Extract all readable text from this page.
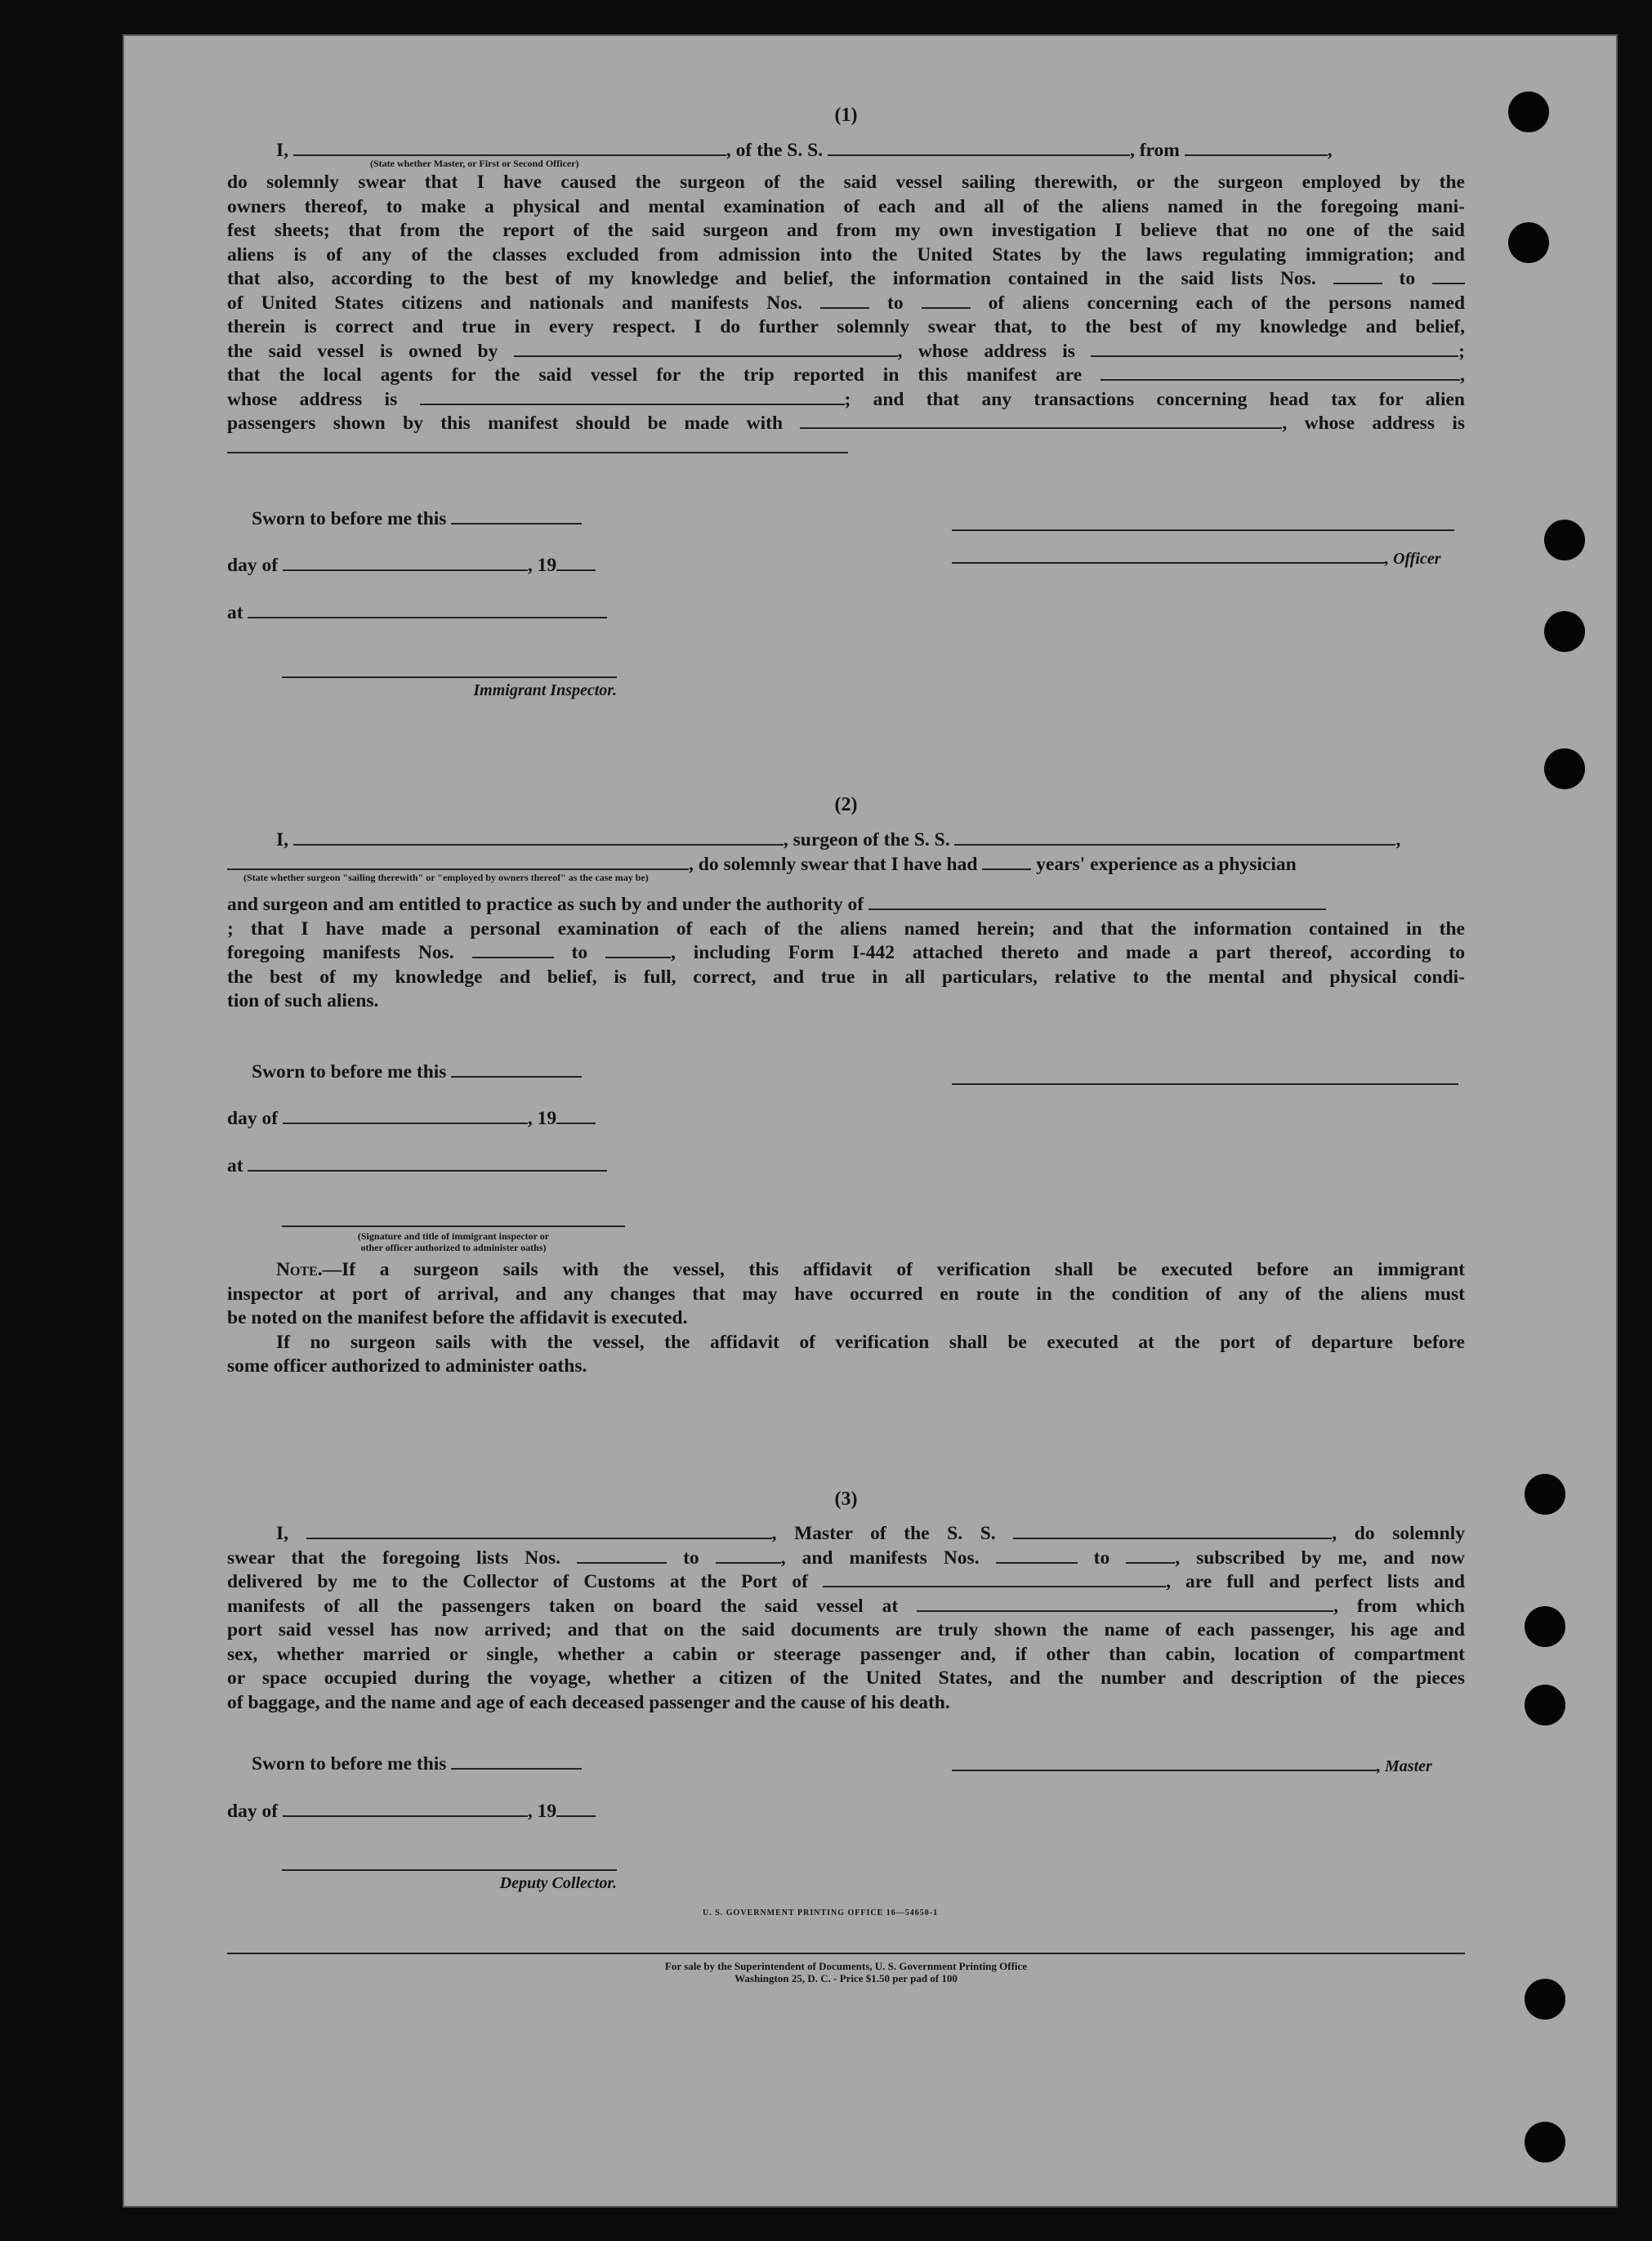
(1)
I,	, of the S. S.	, from	,
(State whether Master, or First or Second Officer)
do solemnly swear that I have caused the surgeon of the said vessel sailing therewith, or the surgeon employed by the
owners thereof, to make a physical and mental examination of each and all of the aliens named in the foregoing mani-
fest sheets; that from the report of the said surgeon and from my own investigation I believe that no one of the said
aliens is of any of the classes excluded from admission into the United States by the laws regulating immigration; and
that also, according to the best of my knowledge and belief, the information contained in the said lists Nos.	to
of United States citizens and nationals and manifests Nos.	to	of aliens concerning each of the persons named
therein is correct and true in every respect. I do further solemnly swear that, to the best of my knowledge and belief,
the said vessel is owned by	, whose address is	;
that the local agents for the said vessel for the trip reported in this manifest are	,
whose address is	; and that any transactions concerning head tax for alien
passengers shown by this manifest should be made with	, whose address is
Sworn to before me this
day of	, 19
at
Immigrant Inspector.
, Officer
(2)
I,	, surgeon of the S. S.	,
, do solemnly swear that I have had	years' experience as a physician
(State whether surgeon "sailing therewith" or "employed by owners thereof" as the case may be)
and surgeon and am entitled to practice as such by and under the authority of
; that I have made a personal examination of each of the aliens named herein; and that the information contained in the
foregoing manifests Nos.	to	, including Form I-442 attached thereto and made a part thereof, according to
the best of my knowledge and belief, is full, correct, and true in all particulars, relative to the mental and physical condi-
tion of such aliens.
Sworn to before me this
day of	, 19
at
(Signature and title of immigrant inspector or
other officer authorized to administer oaths)
Note.—If a surgeon sails with the vessel, this affidavit of verification shall be executed before an immigrant
inspector at port of arrival, and any changes that may have occurred en route in the condition of any of the aliens must
be noted on the manifest before the affidavit is executed.
If no surgeon sails with the vessel, the affidavit of verification shall be executed at the port of departure before
some officer authorized to administer oaths.
(3)
I,	, Master of the S. S.	, do solemnly
swear that the foregoing lists Nos.	to	, and manifests Nos.	to	, subscribed by me, and now
delivered by me to the Collector of Customs at the Port of	, are full and perfect lists and
manifests of all the passengers taken on board the said vessel at	, from which
port said vessel has now arrived; and that on the said documents are truly shown the name of each passenger, his age and
sex, whether married or single, whether a cabin or steerage passenger and, if other than cabin, location of compartment
or space occupied during the voyage, whether a citizen of the United States, and the number and description of the pieces
of baggage, and the name and age of each deceased passenger and the cause of his death.
Sworn to before me this
day of	, 19
Deputy Collector.
, Master
U. S. GOVERNMENT PRINTING OFFICE 16—54650-1
For sale by the Superintendent of Documents, U. S. Government Printing Office
Washington 25, D. C. - Price $1.50 per pad of 100
